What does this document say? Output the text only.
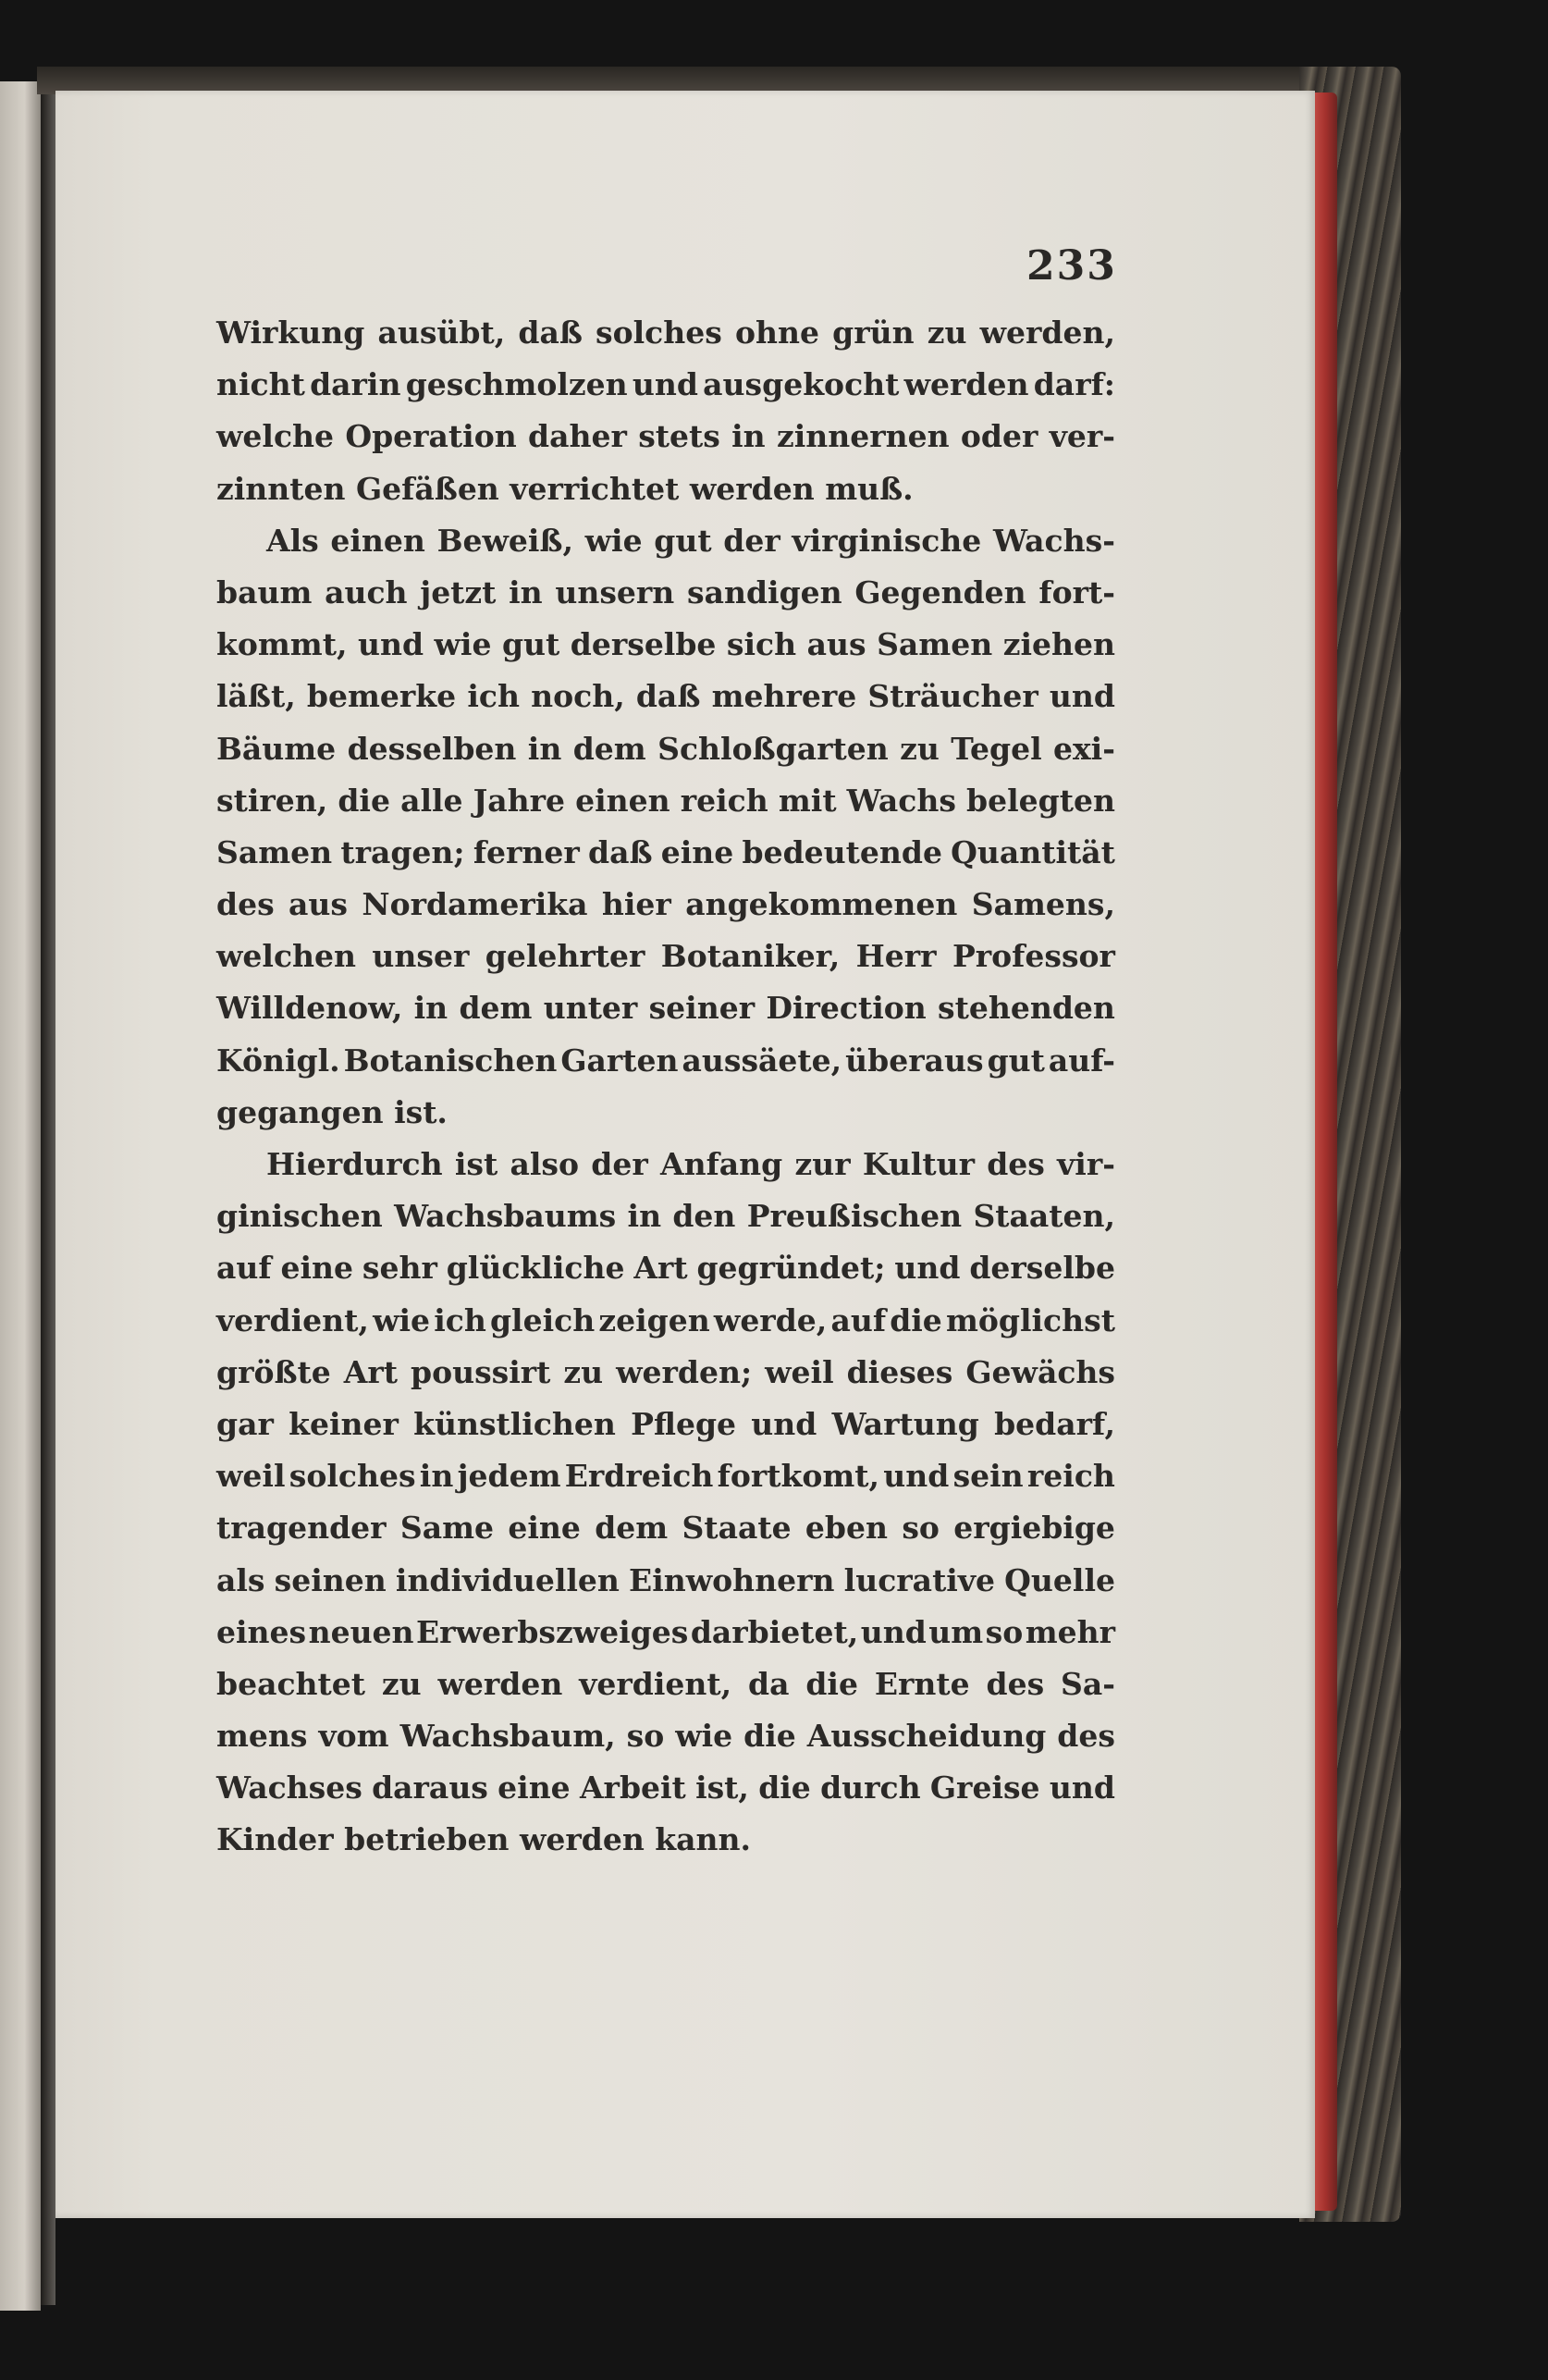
233
Wirkung ausübt, daß solches ohne grün zu werden,
nicht darin geschmolzen und ausgekocht werden darf:
welche Operation daher stets in zinnernen oder ver-
zinnten Gefäßen verrichtet werden muß.
Als einen Beweiß, wie gut der virginische Wachs-
baum auch jetzt in unsern sandigen Gegenden fort-
kommt, und wie gut derselbe sich aus Samen ziehen
läßt, bemerke ich noch, daß mehrere Sträucher und
Bäume desselben in dem Schloßgarten zu Tegel exi-
stiren, die alle Jahre einen reich mit Wachs belegten
Samen tragen; ferner daß eine bedeutende Quantität
des aus Nordamerika hier angekommenen Samens,
welchen unser gelehrter Botaniker, Herr Professor
Willdenow, in dem unter seiner Direction stehenden
Königl. Botanischen Garten aussäete, überaus gut auf-
gegangen ist.
Hierdurch ist also der Anfang zur Kultur des vir-
ginischen Wachsbaums in den Preußischen Staaten,
auf eine sehr glückliche Art gegründet; und derselbe
verdient, wie ich gleich zeigen werde, auf die möglichst
größte Art poussirt zu werden; weil dieses Gewächs
gar keiner künstlichen Pflege und Wartung bedarf,
weil solches in jedem Erdreich fortkomt, und sein reich
tragender Same eine dem Staate eben so ergiebige
als seinen individuellen Einwohnern lucrative Quelle
eines neuen Erwerbszweiges darbietet, und um so mehr
beachtet zu werden verdient, da die Ernte des Sa-
mens vom Wachsbaum, so wie die Ausscheidung des
Wachses daraus eine Arbeit ist, die durch Greise und
Kinder betrieben werden kann.
